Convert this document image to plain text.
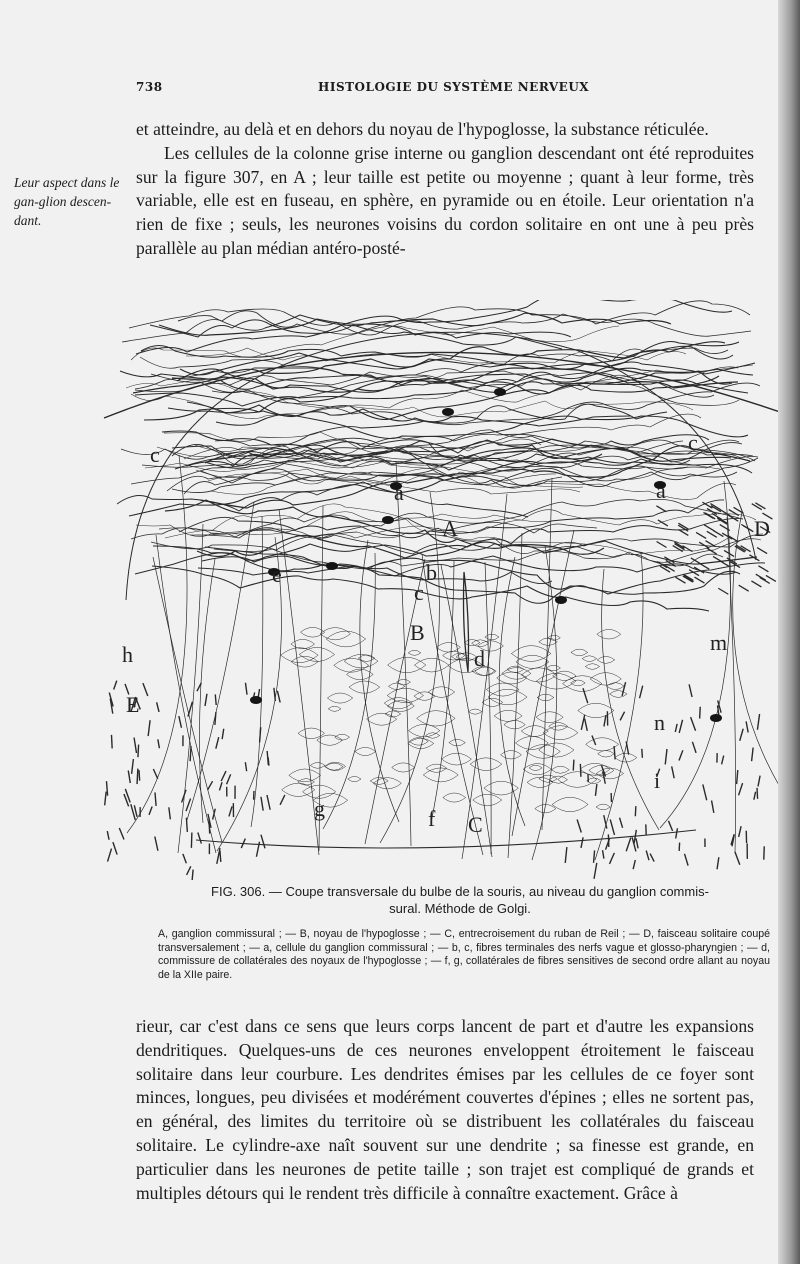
738	HISTOLOGIE DU SYSTÈME NERVEUX
Leur aspect dans le gan-glion descen-dant.

et atteindre, au delà et en dehors du noyau de l'hypoglosse, la substance réticulée.

Les cellules de la colonne grise interne ou ganglion descendant ont été reproduites sur la figure 307, en A ; leur taille est petite ou moyenne ; quant à leur forme, très variable, elle est en fuseau, en sphère, en pyramide ou en étoile. Leur orientation n'a rien de fixe ; seuls, les neurones voisins du cordon solitaire en ont une à peu près parallèle au plan médian antéro-posté-

c
a
A
b
c
e
B
d
h
E
g	f C
a
D
c
m
n
i
FIG. 306. — Coupe transversale du bulbe de la souris, au niveau du ganglion commis-
sural. Méthode de Golgi.
A, ganglion commissural ; — B, noyau de l'hypoglosse ; — C, entrecroisement du ruban de Reil ; — D, faisceau solitaire coupé transversalement ; — a, cellule du ganglion commissural ; — b, c, fibres terminales des nerfs vague et glosso-pharyngien ; — d, commissure de collatérales des noyaux de l'hypoglosse ; — f, g, collatérales de fibres sensitives de second ordre allant au noyau de la XIIe paire.

rieur, car c'est dans ce sens que leurs corps lancent de part et d'autre les expansions dendritiques. Quelques-uns de ces neurones enveloppent étroitement le faisceau solitaire dans leur courbure. Les dendrites émises par les cellules de ce foyer sont minces, longues, peu divisées et modérément couvertes d'épines ; elles ne sortent pas, en général, des limites du territoire où se distribuent les collatérales du faisceau solitaire. Le cylindre-axe naît souvent sur une dendrite ; sa finesse est grande, en particulier dans les neurones de petite taille ; son trajet est compliqué de grands et multiples détours qui le rendent très difficile à connaître exactement. Grâce à
